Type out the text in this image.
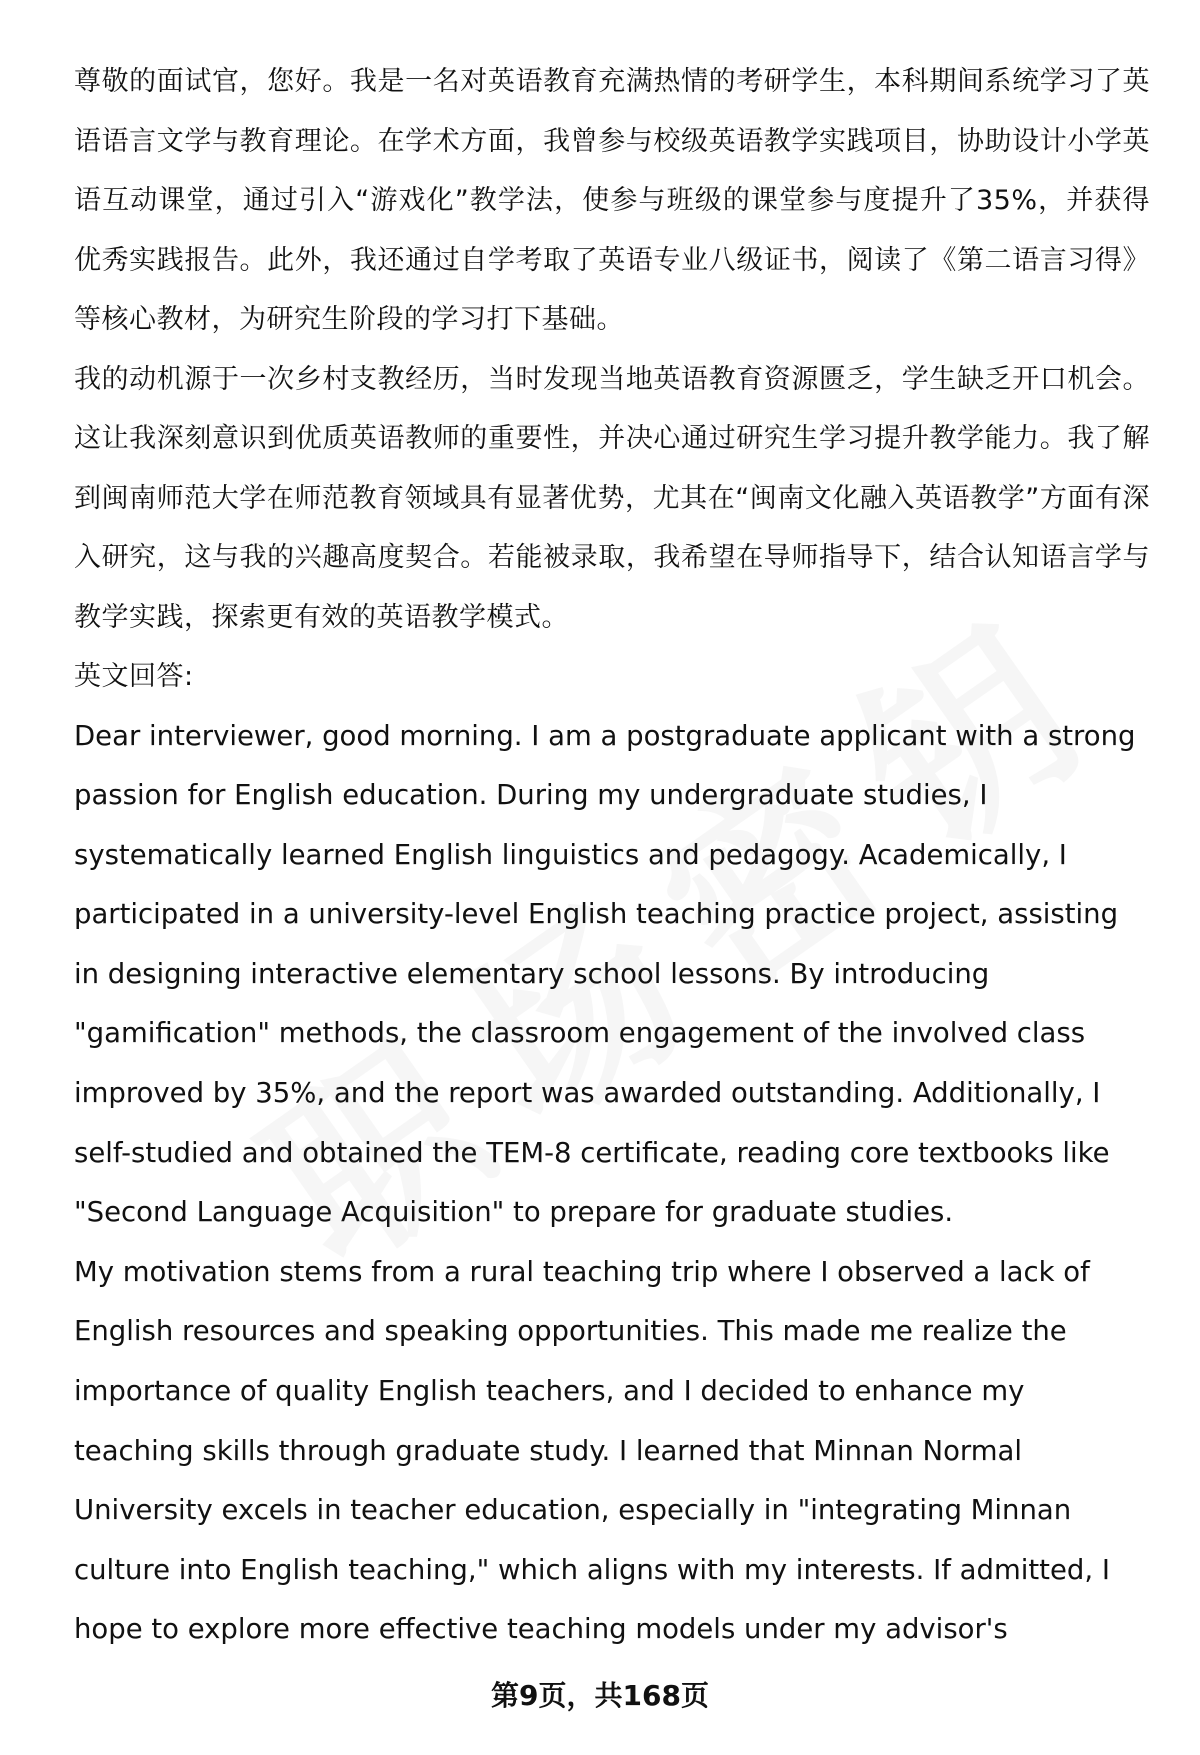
尊敬的面试官，您好。我是一名对英语教育充满热情的考研学生，本科期间系统学习了英语语言文学与教育理论。在学术方面，我曾参与校级英语教学实践项目，协助设计小学英语互动课堂，通过引入“游戏化”教学法，使参与班级的课堂参与度提升了35%，并获得优秀实践报告。此外，我还通过自学考取了英语专业八级证书，阅读了《第二语言习得》等核心教材，为研究生阶段的学习打下基础。

我的动机源于一次乡村支教经历，当时发现当地英语教育资源匮乏，学生缺乏开口机会。这让我深刻意识到优质英语教师的重要性，并决心通过研究生学习提升教学能力。我了解到闽南师范大学在师范教育领域具有显著优势，尤其在“闽南文化融入英语教学”方面有深入研究，这与我的兴趣高度契合。若能被录取，我希望在导师指导下，结合认知语言学与教学实践，探索更有效的英语教学模式。

英文回答:

Dear interviewer, good morning. I am a postgraduate applicant with a strong passion for English education. During my undergraduate studies, I systematically learned English linguistics and pedagogy. Academically, I participated in a university-level English teaching practice project, assisting in designing interactive elementary school lessons. By introducing "gamification" methods, the classroom engagement of the involved class improved by 35%, and the report was awarded outstanding. Additionally, I self-studied and obtained the TEM-8 certificate, reading core textbooks like "Second Language Acquisition" to prepare for graduate studies.

My motivation stems from a rural teaching trip where I observed a lack of English resources and speaking opportunities. This made me realize the importance of quality English teachers, and I decided to enhance my teaching skills through graduate study. I learned that Minnan Normal University excels in teacher education, especially in "integrating Minnan culture into English teaching," which aligns with my interests. If admitted, I hope to explore more effective teaching models under my advisor's

第9页，共168页
